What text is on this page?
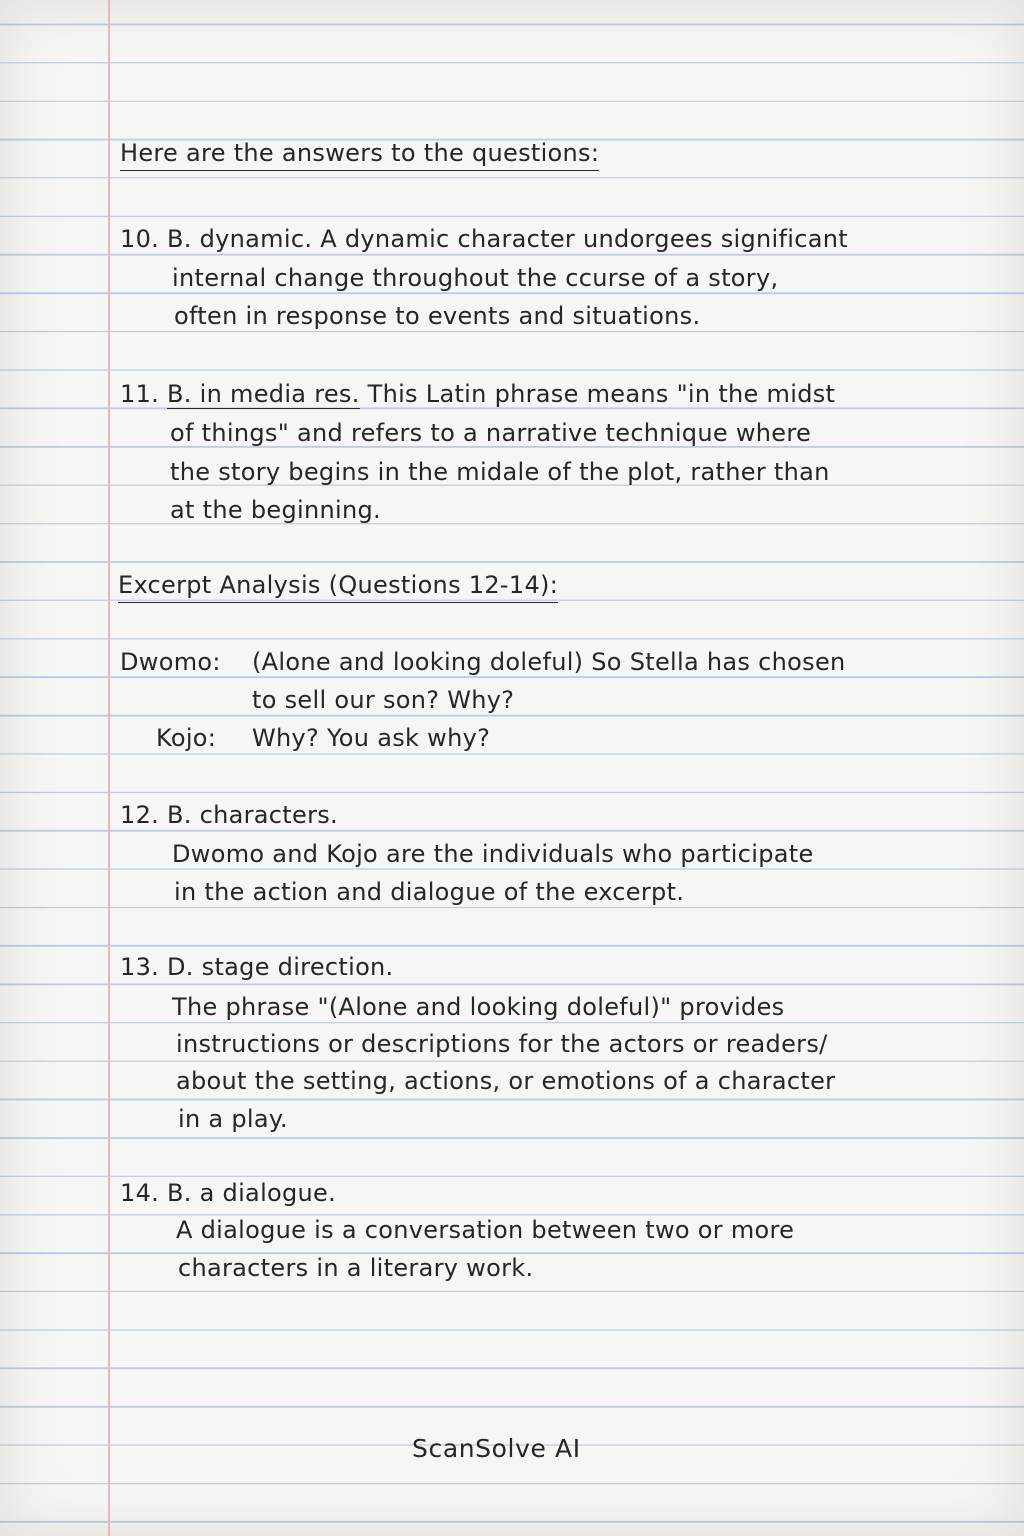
Here are the answers to the questions:
10. B. dynamic. A dynamic character undorgees significant
internal change throughout the ccurse of a story,
often in response to events and situations.
11. B. in media res. This Latin phrase means "in the midst
of things" and refers to a narrative technique where
the story begins in the midale of the plot, rather than
at the beginning.
Excerpt Analysis (Questions 12-14):
Dwomo: (Alone and looking doleful) So Stella has chosen
to sell our son? Why?
Kojo: Why? You ask why?
12. B. characters.
Dwomo and Kojo are the individuals who participate
in the action and dialogue of the excerpt.
13. D. stage direction.
The phrase "(Alone and looking doleful)" provides
instructions or descriptions for the actors or readers/
about the setting, actions, or emotions of a character
in a play.
14. B. a dialogue.
A dialogue is a conversation between two or more
characters in a literary work.
ScanSolve AI
